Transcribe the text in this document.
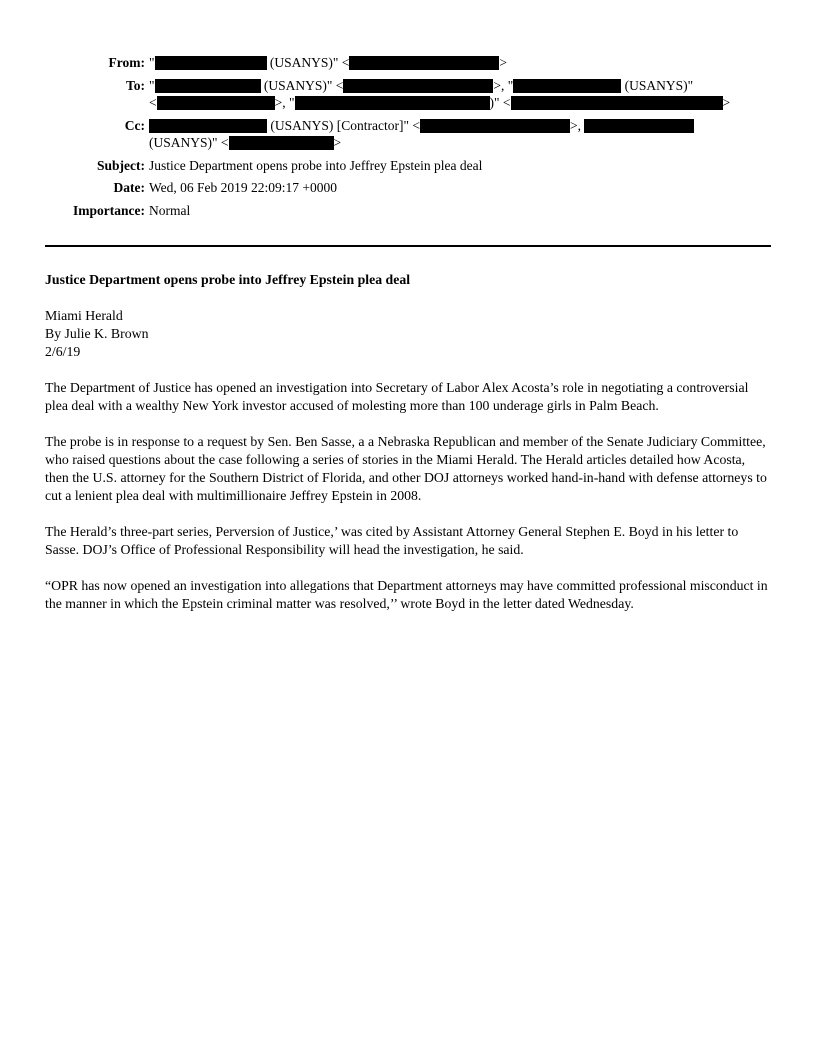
From: "	(USANYS)" <	>
To: "	(USANYS)" <	>, "	(USANYS)"
<	>, "	)" <	>
Cc:	(USANYS) [Contractor]" <	>,
(USANYS)" <	>
Subject: Justice Department opens probe into Jeffrey Epstein plea deal
Date: Wed, 06 Feb 2019 22:09:17 +0000
Importance: Normal
Justice Department opens probe into Jeffrey Epstein plea deal
Miami Herald
By Julie K. Brown
2/6/19

The Department of Justice has opened an investigation into Secretary of Labor Alex Acosta’s role in negotiating a controversial plea deal with a wealthy New York investor accused of molesting more than 100 underage girls in Palm Beach.

The probe is in response to a request by Sen. Ben Sasse, a a Nebraska Republican and member of the Senate Judiciary Committee, who raised questions about the case following a series of stories in the Miami Herald. The Herald articles detailed how Acosta, then the U.S. attorney for the Southern District of Florida, and other DOJ attorneys worked hand-in-hand with defense attorneys to cut a lenient plea deal with multimillionaire Jeffrey Epstein in 2008.

The Herald’s three-part series, Perversion of Justice,’ was cited by Assistant Attorney General Stephen E. Boyd in his letter to Sasse. DOJ’s Office of Professional Responsibility will head the investigation, he said.

“OPR has now opened an investigation into allegations that Department attorneys may have committed professional misconduct in the manner in which the Epstein criminal matter was resolved,’’ wrote Boyd in the letter dated Wednesday.
